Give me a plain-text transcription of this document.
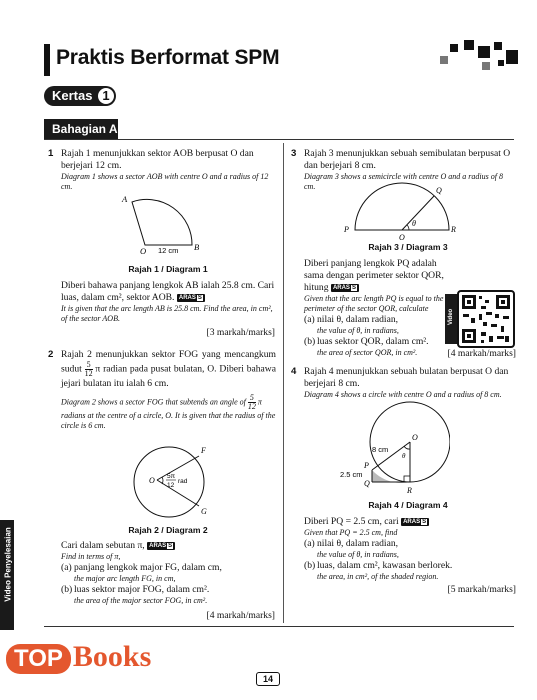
Praktis Berformat SPM
Kertas 1
Bahagian A
1 Rajah 1 menunjukkan sektor AOB berpusat O dan berjejari 12 cm.
Diagram 1 shows a sector AOB with centre O and a radius of 12 cm.
A
O	B
12 cm
Rajah 1 / Diagram 1
Diberi bahawa panjang lengkok AB ialah 25.8 cm. Cari luas, dalam cm², sektor AOB. ARAS S
It is given that the arc length AB is 25.8 cm. Find the area, in cm², of the sector AOB.
[3 markah/marks]
2 Rajah 2 menunjukkan sektor FOG yang mencangkum sudut $\frac{5}{12}$ π radian pada pusat bulatan, O. Diberi bahawa jejari bulatan itu ialah 6 cm.
Diagram 2 shows a sector FOG that subtends an angle of $\frac{5}{12}$ π radians at the centre of a circle, O. It is given that the radius of the circle is 6 cm.
O
F
G
5π
12
rad
Rajah 2 / Diagram 2
Cari dalam sebutan π, ARAS S
Find in terms of π,
(a) panjang lengkok major FG, dalam cm,
the major arc length FG, in cm,
(b) luas sektor major FOG, dalam cm².
the area of the major sector FOG, in cm².
[4 markah/marks]
3 Rajah 3 menunjukkan sebuah semibulatan berpusat O dan berjejari 8 cm.
Diagram 3 shows a semicircle with centre O and a radius of 8 cm.
P
O
Q
R
θ
Rajah 3 / Diagram 3
Diberi panjang lengkok PQ adalah sama dengan perimeter sektor QOR, hitung ARAS S
Given that the arc length PQ is equal to the perimeter of the sector QOR, calculate
(a) nilai θ, dalam radian,
the value of θ, in radians,
(b) luas sektor QOR, dalam cm².
the area of sector QOR, in cm².	[4 markah/marks]
Video
4 Rajah 4 menunjukkan sebuah bulatan berpusat O dan berjejari 8 cm.
Diagram 4 shows a circle with centre O and a radius of 8 cm.
O
θ
P
Q
R
8 cm
2.5 cm
Rajah 4 / Diagram 4
Diberi PQ = 2.5 cm, cari ARAS S
Given that PQ = 2.5 cm, find
(a) nilai θ, dalam radian,
the value of θ, in radians,
(b) luas, dalam cm², kawasan berlorek.
the area, in cm², of the shaded region.
[5 markah/marks]
Video Penyelesaian
14
TOP Books
